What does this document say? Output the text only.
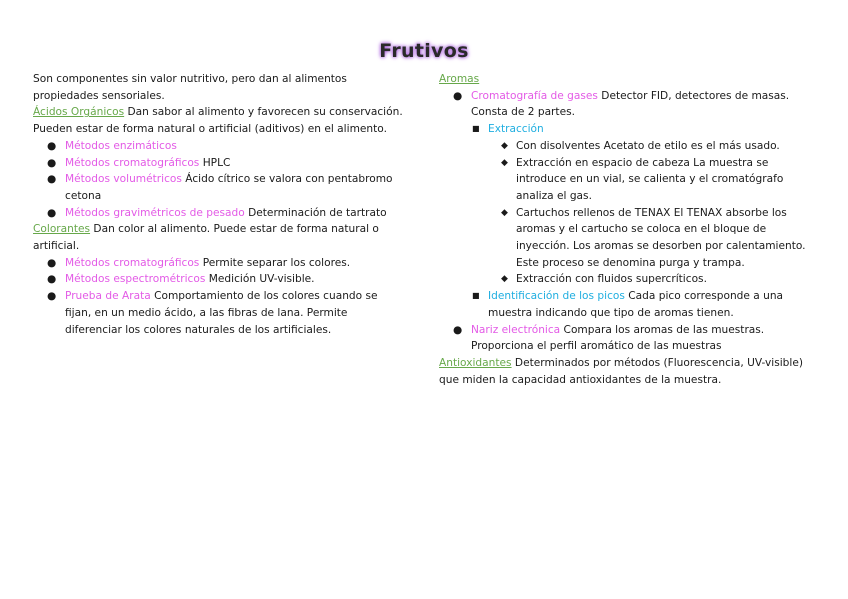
Frutivos

Son componentes sin valor nutritivo, pero dan al alimentos propiedades sensoriales.

Ácidos Orgánicos Dan sabor al alimento y favorecen su conservación. Pueden estar de forma natural o artificial (aditivos) en el alimento.

● Métodos enzimáticos
● Métodos cromatográficos HPLC
● Métodos volumétricos Ácido cítrico se valora con pentabromo cetona
● Métodos gravimétricos de pesado Determinación de tartrato

Colorantes Dan color al alimento. Puede estar de forma natural o artificial.

● Métodos cromatográficos Permite separar los colores.
● Métodos espectrométricos Medición UV-visible.
● Prueba de Arata Comportamiento de los colores cuando se fijan, en un medio ácido, a las fibras de lana. Permite diferenciar los colores naturales de los artificiales.

Aromas

● Cromatografía de gases Detector FID, detectores de masas. Consta de 2 partes.
■ Extracción
◆ Con disolventes Acetato de etilo es el más usado.
◆ Extracción en espacio de cabeza La muestra se introduce en un vial, se calienta y el cromatógrafo analiza el gas.
◆ Cartuchos rellenos de TENAX El TENAX absorbe los aromas y el cartucho se coloca en el bloque de inyección. Los aromas se desorben por calentamiento. Este proceso se denomina purga y trampa.
◆ Extracción con fluidos supercríticos.
■ Identificación de los picos Cada pico corresponde a una muestra indicando que tipo de aromas tienen.
● Nariz electrónica Compara los aromas de las muestras. Proporciona el perfil aromático de las muestras

Antioxidantes Determinados por métodos (Fluorescencia, UV-visible) que miden la capacidad antioxidantes de la muestra.
